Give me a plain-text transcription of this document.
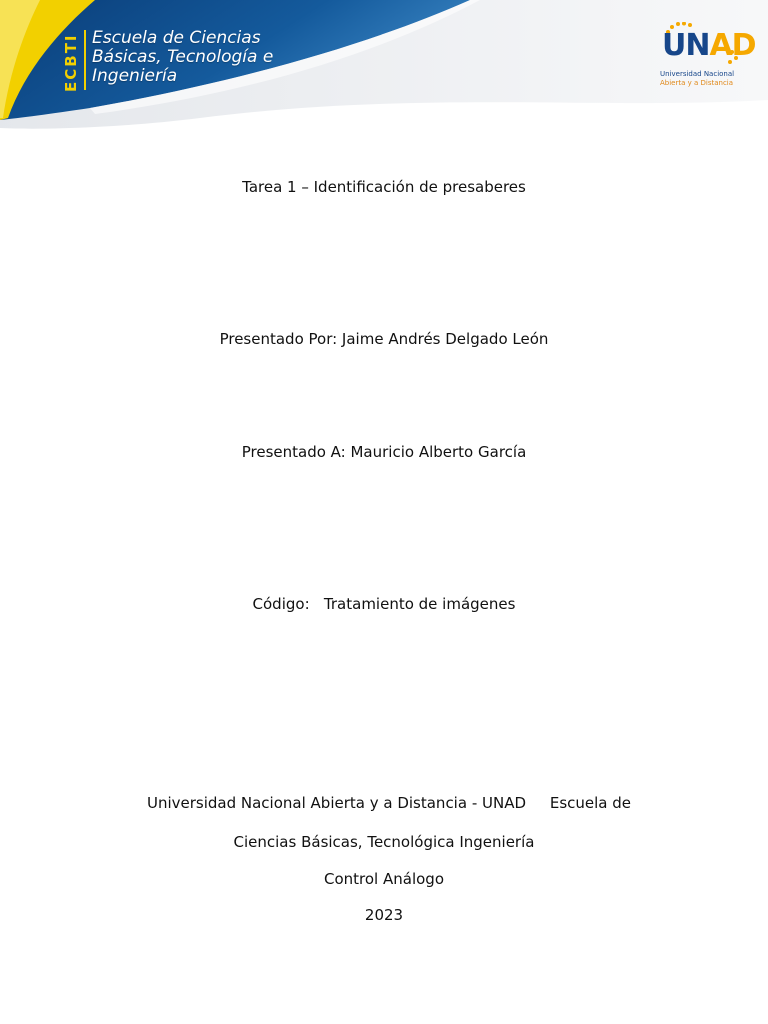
ECBTI Escuela de Ciencias
Básicas, Tecnología e
Ingeniería
UNAD
Universidad Nacional
Abierta y a Distancia
Tarea 1 – Identificación de presaberes
Presentado Por: Jaime Andrés Delgado León
Presentado A: Mauricio Alberto García
Código:   Tratamiento de imágenes
Universidad Nacional Abierta y a Distancia - UNAD     Escuela de
Ciencias Básicas, Tecnológica Ingeniería
Control Análogo
2023
